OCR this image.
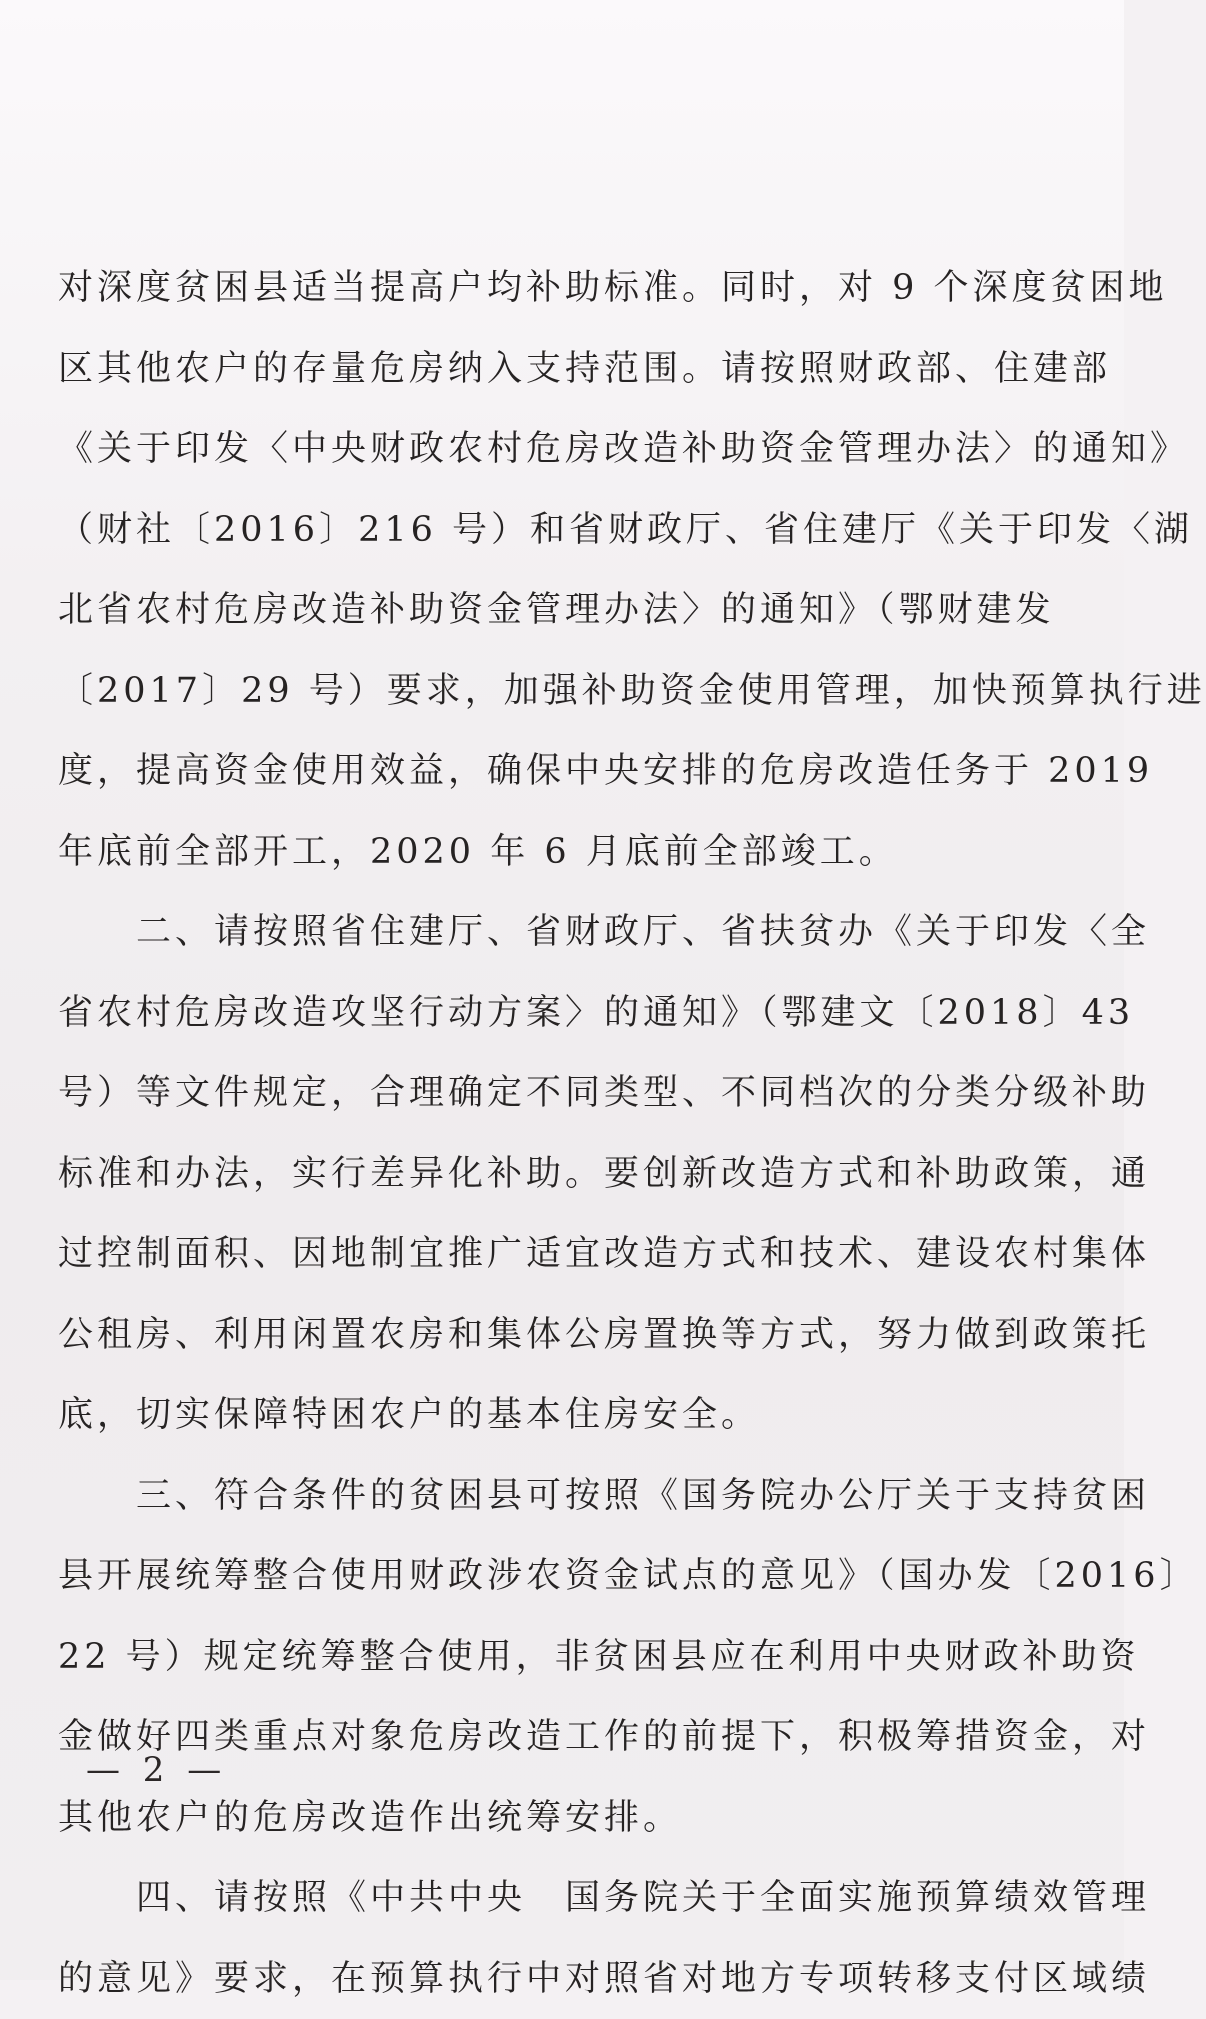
对深度贫困县适当提高户均补助标准。同时，对 9 个深度贫困地
区其他农户的存量危房纳入支持范围。请按照财政部、住建部
《关于印发〈中央财政农村危房改造补助资金管理办法〉的通知》
（财社〔2016〕216 号）和省财政厅、省住建厅《关于印发〈湖
北省农村危房改造补助资金管理办法〉的通知》（鄂财建发
〔2017〕29 号）要求，加强补助资金使用管理，加快预算执行进
度，提高资金使用效益，确保中央安排的危房改造任务于 2019
年底前全部开工，2020 年 6 月底前全部竣工。
　　二、请按照省住建厅、省财政厅、省扶贫办《关于印发〈全
省农村危房改造攻坚行动方案〉的通知》（鄂建文〔2018〕43
号）等文件规定，合理确定不同类型、不同档次的分类分级补助
标准和办法，实行差异化补助。要创新改造方式和补助政策，通
过控制面积、因地制宜推广适宜改造方式和技术、建设农村集体
公租房、利用闲置农房和集体公房置换等方式，努力做到政策托
底，切实保障特困农户的基本住房安全。
　　三、符合条件的贫困县可按照《国务院办公厅关于支持贫困
县开展统筹整合使用财政涉农资金试点的意见》（国办发〔2016〕
22 号）规定统筹整合使用，非贫困县应在利用中央财政补助资
金做好四类重点对象危房改造工作的前提下，积极筹措资金，对
其他农户的危房改造作出统筹安排。
　　四、请按照《中共中央　国务院关于全面实施预算绩效管理
的意见》要求，在预算执行中对照省对地方专项转移支付区域绩
— 2 —
